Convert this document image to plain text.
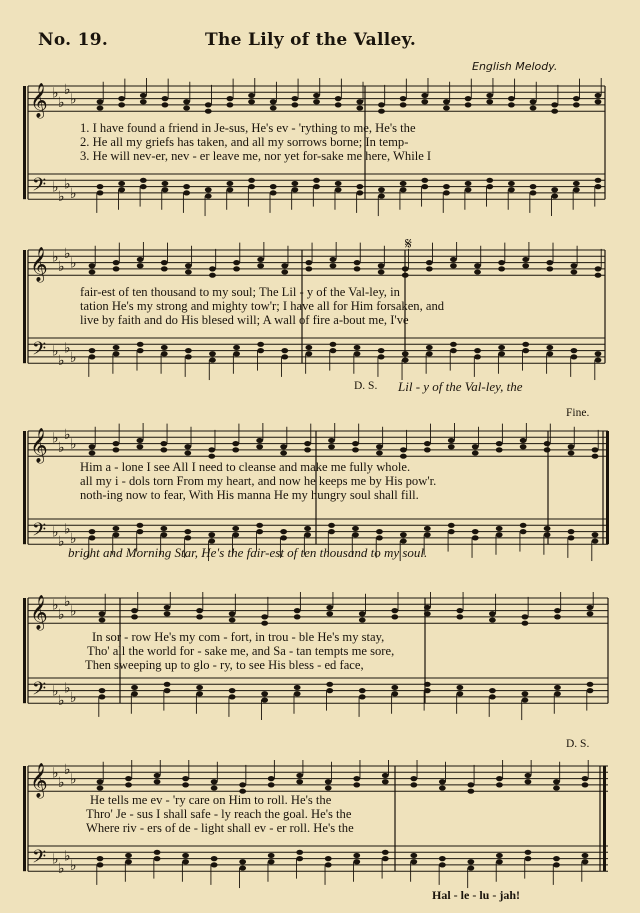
No. 19.	The Lily of the Valley.
English Melody.
𝄞
𝄢
♭
♭
♭
♭
♭
♭
♭
♭
1. I have found a friend in Je-sus, He's ev - 'rything to me, He's the
2. He all my griefs has taken, and all my sorrows borne; In temp-
3. He will nev-er, nev - er leave me, nor yet for-sake me here, While I
𝄞
𝄢
♭
♭
♭
♭
♭
♭
♭
♭
𝄋
fair-est of ten thousand to my soul; The Lil - y of the Val-ley, in
tation He's my strong and mighty tow'r; I have all for Him forsaken, and
live by faith and do His blesed will; A wall of fire a-bout me, I've
D. S. Lil - y of the Val-ley, the
𝄞
𝄢
♭
♭
♭
♭
♭
♭
♭
♭
Fine.
Him a - lone I see All I need to cleanse and make me fully whole.
all my i - dols torn From my heart, and now he keeps me by His pow'r.
noth-ing now to fear, With His manna He my hungry soul shall fill.
bright and Morning Star, He's the fair-est of ten thousand to my soul.
𝄞
𝄢
♭
♭
♭
♭
♭
♭
♭
♭
In sor - row He's my com - fort, in trou - ble He's my stay,
Tho' all the world for - sake me, and Sa - tan tempts me sore,
Then sweeping up to glo - ry, to see His bless - ed face,
𝄞
𝄢
♭
♭
♭
♭
♭
♭
♭
♭
D. S.
He tells me ev - 'ry care on Him to roll. He's the
Thro' Je - sus I shall safe - ly reach the goal. He's the
Where riv - ers of de - light shall ev - er roll. He's the
Hal - le - lu - jah!
